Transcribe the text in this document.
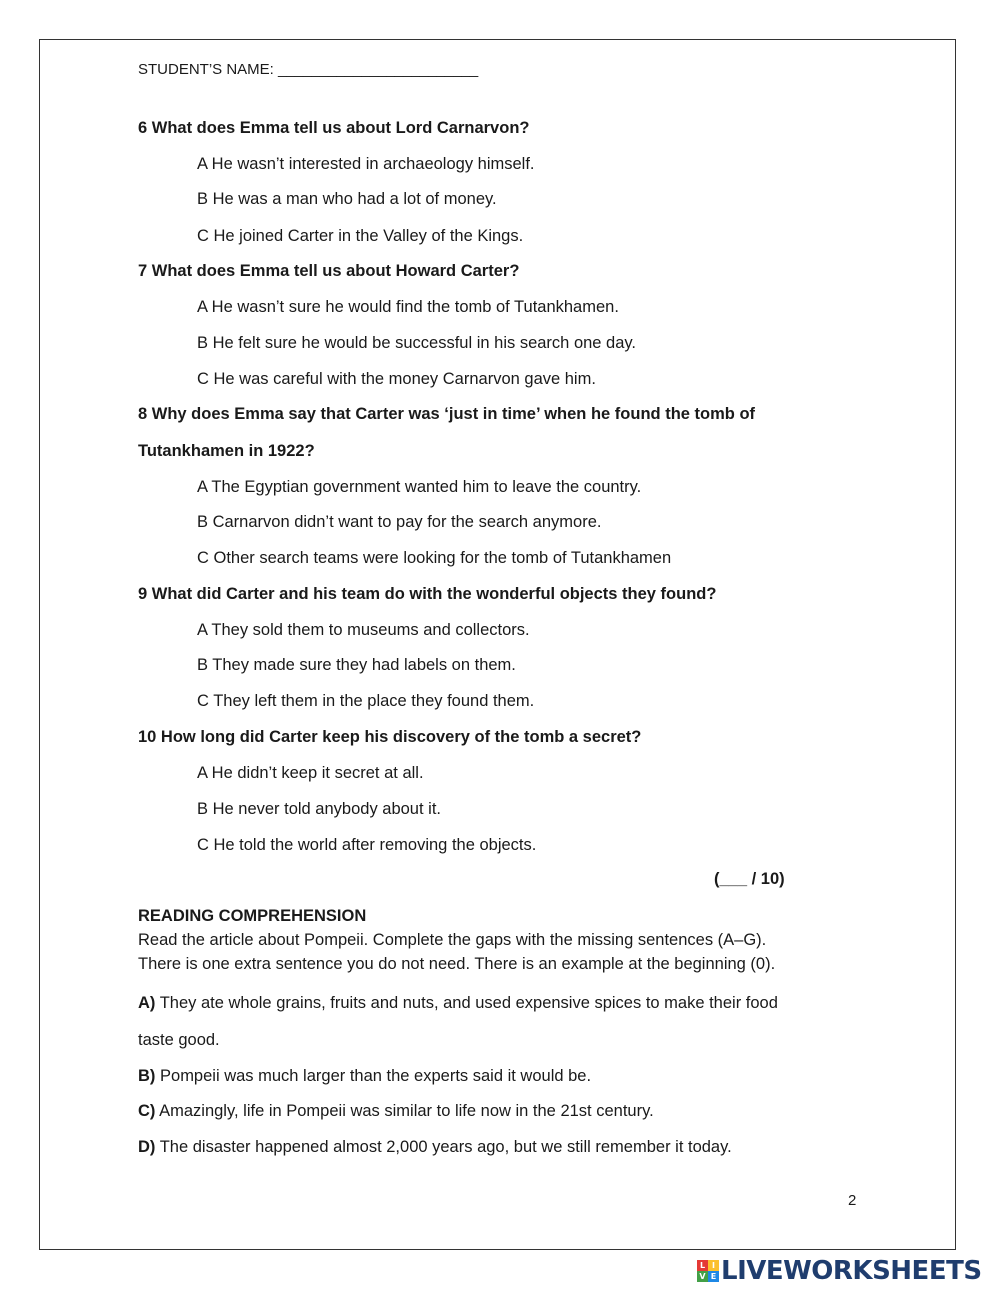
STUDENT’S NAME: ________________________
6 What does Emma tell us about Lord Carnarvon?
A He wasn’t interested in archaeology himself.
B He was a man who had a lot of money.
C He joined Carter in the Valley of the Kings.
7 What does Emma tell us about Howard Carter?
A He wasn’t sure he would find the tomb of Tutankhamen.
B He felt sure he would be successful in his search one day.
C He was careful with the money Carnarvon gave him.
8 Why does Emma say that Carter was ‘just in time’ when he found the tomb of
Tutankhamen in 1922?
A The Egyptian government wanted him to leave the country.
B Carnarvon didn’t want to pay for the search anymore.
C Other search teams were looking for the tomb of Tutankhamen
9 What did Carter and his team do with the wonderful objects they found?
A They sold them to museums and collectors.
B They made sure they had labels on them.
C They left them in the place they found them.
10 How long did Carter keep his discovery of the tomb a secret?
A He didn’t keep it secret at all.
B He never told anybody about it.
C He told the world after removing the objects.
(___ / 10)
READING COMPREHENSION
Read the article about Pompeii. Complete the gaps with the missing sentences (A–G).
There is one extra sentence you do not need. There is an example at the beginning (0).
A) They ate whole grains, fruits and nuts, and used expensive spices to make their food
taste good.
B) Pompeii was much larger than the experts said it would be.
C) Amazingly, life in Pompeii was similar to life now in the 21st century.
D) The disaster happened almost 2,000 years ago, but we still remember it today.
2
L I
V E LIVEWORKSHEETS
